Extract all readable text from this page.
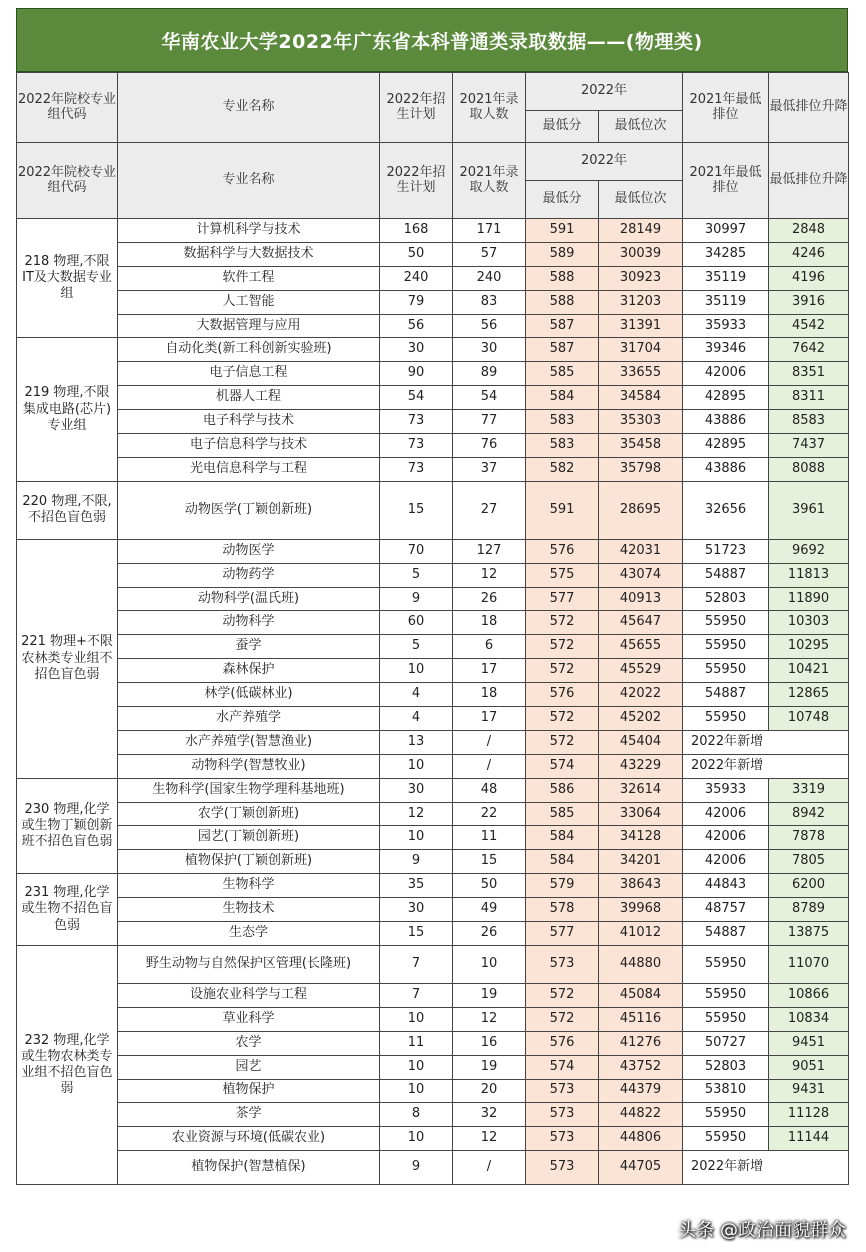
华南农业大学2022年广东省本科普通类录取数据——(物理类)
2022年院校专业组代码	专业名称	2022年招生计划	2021年录取人数	2022年		2021年最低排位	最低排位升降
				最低分	最低位次		
2022年院校专业组代码	专业名称	2022年招生计划	2021年录取人数	2022年		2021年最低排位	最低排位升降
				最低分	最低位次		
218 物理,不限 IT及大数据专业组	计算机科学与技术	168	171	591	28149	30997	2848
	数据科学与大数据技术	50	57	589	30039	34285	4246
	软件工程	240	240	588	30923	35119	4196
	人工智能	79	83	588	31203	35119	3916
	大数据管理与应用	56	56	587	31391	35933	4542
219 物理,不限集成电路(芯片)专业组	自动化类(新工科创新实验班)	30	30	587	31704	39346	7642
	电子信息工程	90	89	585	33655	42006	8351
	机器人工程	54	54	584	34584	42895	8311
	电子科学与技术	73	77	583	35303	43886	8583
	电子信息科学与技术	73	76	583	35458	42895	7437
	光电信息科学与工程	73	37	582	35798	43886	8088
220 物理,不限,不招色盲色弱	动物医学(丁颖创新班)	15	27	591	28695	32656	3961
221 物理+不限农林类专业组不招色盲色弱	动物医学	70	127	576	42031	51723	9692
	动物药学	5	12	575	43074	54887	11813
	动物科学(温氏班)	9	26	577	40913	52803	11890
	动物科学	60	18	572	45647	55950	10303
	蚕学	5	6	572	45655	55950	10295
	森林保护	10	17	572	45529	55950	10421
	林学(低碳林业)	4	18	576	42022	54887	12865
	水产养殖学	4	17	572	45202	55950	10748
	水产养殖学(智慧渔业)	13	/	572	45404	2022年新增	
	动物科学(智慧牧业)	10	/	574	43229	2022年新增	
230 物理,化学或生物丁颖创新班不招色盲色弱	生物科学(国家生物学理科基地班)	30	48	586	32614	35933	3319
	农学(丁颖创新班)	12	22	585	33064	42006	8942
	园艺(丁颖创新班)	10	11	584	34128	42006	7878
	植物保护(丁颖创新班)	9	15	584	34201	42006	7805
231 物理,化学或生物不招色盲色弱	生物科学	35	50	579	38643	44843	6200
	生物技术	30	49	578	39968	48757	8789
	生态学	15	26	577	41012	54887	13875
232 物理,化学或生物农林类专业组不招色盲色弱	野生动物与自然保护区管理(长隆班)	7	10	573	44880	55950	11070
	设施农业科学与工程	7	19	572	45084	55950	10866
	草业科学	10	12	572	45116	55950	10834
	农学	11	16	576	41276	50727	9451
	园艺	10	19	574	43752	52803	9051
	植物保护	10	20	573	44379	53810	9431
	茶学	8	32	573	44822	55950	11128
	农业资源与环境(低碳农业)	10	12	573	44806	55950	11144
	植物保护(智慧植保)	9	/	573	44705	2022年新增	
头条 @政治面貌群众
